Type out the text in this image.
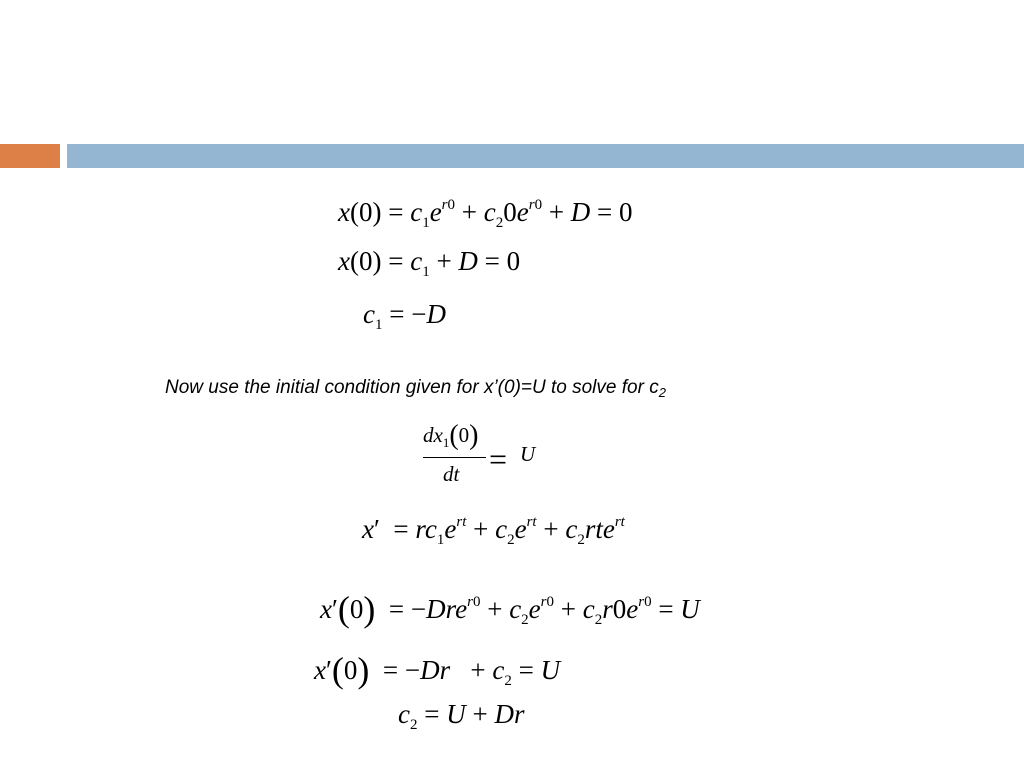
$x(0) = c_1e^{r0} + c_20e^{r0} + D = 0$
$x(0) = c_1 + D = 0$
$c_1 = -D$
Now use the initial condition given for x’(0)=U to solve for $c_2$
$dx_1(0)$
dt = U
$x' = rc_1e^{rt} + c_2e^{rt} + c_2rte^{rt}$
$x'(0) = -Dre^{r0} + c_2e^{r0} + c_2r0e^{r0} = U$
$x'(0) = -Dr + c_2 = U$
$c_2 = U + Dr$
